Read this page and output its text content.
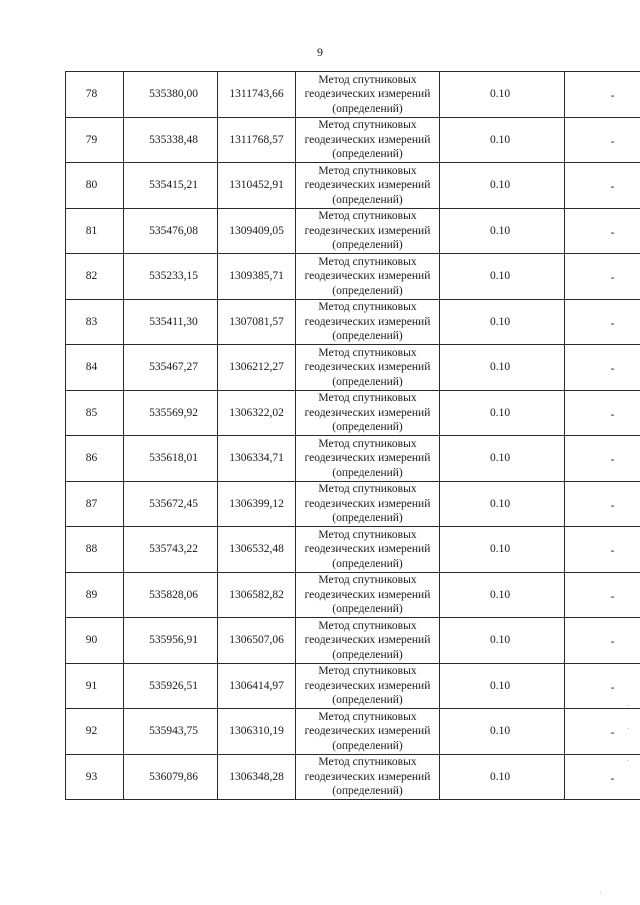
9
78	535380,00	1311743,66	Метод спутниковых
геодезических измерений
(определений)	0.10	-
79	535338,48	1311768,57	Метод спутниковых
геодезических измерений
(определений)	0.10	-
80	535415,21	1310452,91	Метод спутниковых
геодезических измерений
(определений)	0.10	-
81	535476,08	1309409,05	Метод спутниковых
геодезических измерений
(определений)	0.10	-
82	535233,15	1309385,71	Метод спутниковых
геодезических измерений
(определений)	0.10	-
83	535411,30	1307081,57	Метод спутниковых
геодезических измерений
(определений)	0.10	-
84	535467,27	1306212,27	Метод спутниковых
геодезических измерений
(определений)	0.10	-
85	535569,92	1306322,02	Метод спутниковых
геодезических измерений
(определений)	0.10	-
86	535618,01	1306334,71	Метод спутниковых
геодезических измерений
(определений)	0.10	-
87	535672,45	1306399,12	Метод спутниковых
геодезических измерений
(определений)	0.10	-
88	535743,22	1306532,48	Метод спутниковых
геодезических измерений
(определений)	0.10	-
89	535828,06	1306582,82	Метод спутниковых
геодезических измерений
(определений)	0.10	-
90	535956,91	1306507,06	Метод спутниковых
геодезических измерений
(определений)	0.10	-
91	535926,51	1306414,97	Метод спутниковых
геодезических измерений
(определений)	0.10	-
92	535943,75	1306310,19	Метод спутниковых
геодезических измерений
(определений)	0.10	-
93	536079,86	1306348,28	Метод спутниковых
геодезических измерений
(определений)	0.10	-
